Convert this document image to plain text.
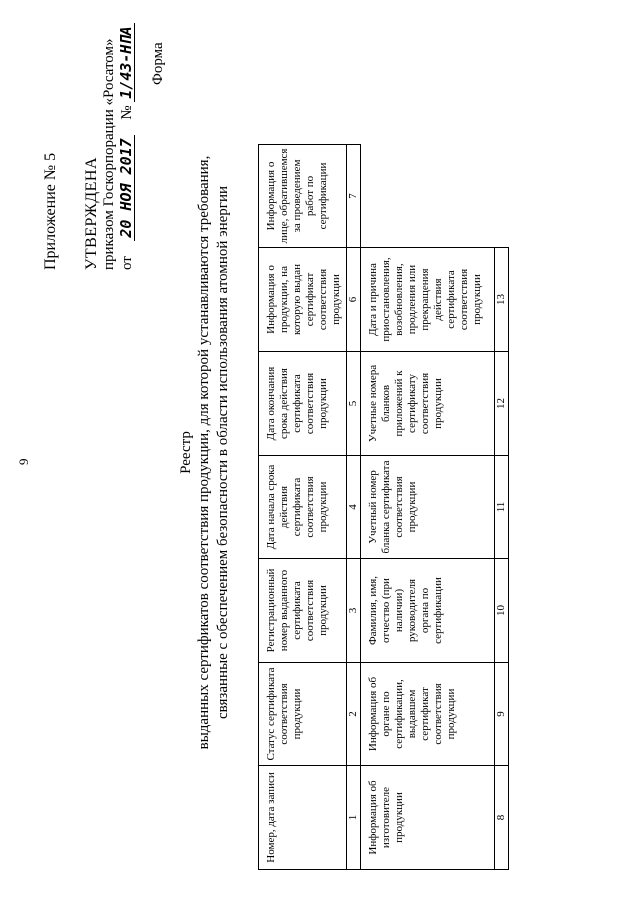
9
Приложение № 5 УТВЕРЖДЕНА приказом Госкорпорации «Росатом» от  20 НОЯ 2017  № 1/43-НПА Форма
Реестр выданных сертификатов соответствия продукции, для которой устанавливаются требования, связанные с обеспечением безопасности в области использования атомной энергии
Номер, дата записи	Статус сертификата соответствия продукции	Регистрационный номер выданного сертификата соответствия продукции	Дата начала срока действия сертификата соответствия продукции	Дата окончания срока действия сертификата соответствия продукции	Информация о продукции, на которую выдан сертификат соответствия продукции	Информация о лице, обратившемся за проведением работ по сертификации
1	2	3	4	5	6	7
Информация об изготовителе продукции	Информация об органе по сертификации, выдавшем сертификат соответствия продукции	Фамилия, имя, отчество (при наличии) руководителя органа по сертификации	Учетный номер бланка сертификата соответствия продукции	Учетные номера бланков приложений к сертификату соответствия продукции	Дата и причина приостановления, возобновления, продления или прекращения действия сертификата соответствия продукции	
8	9	10	11	12	13	
